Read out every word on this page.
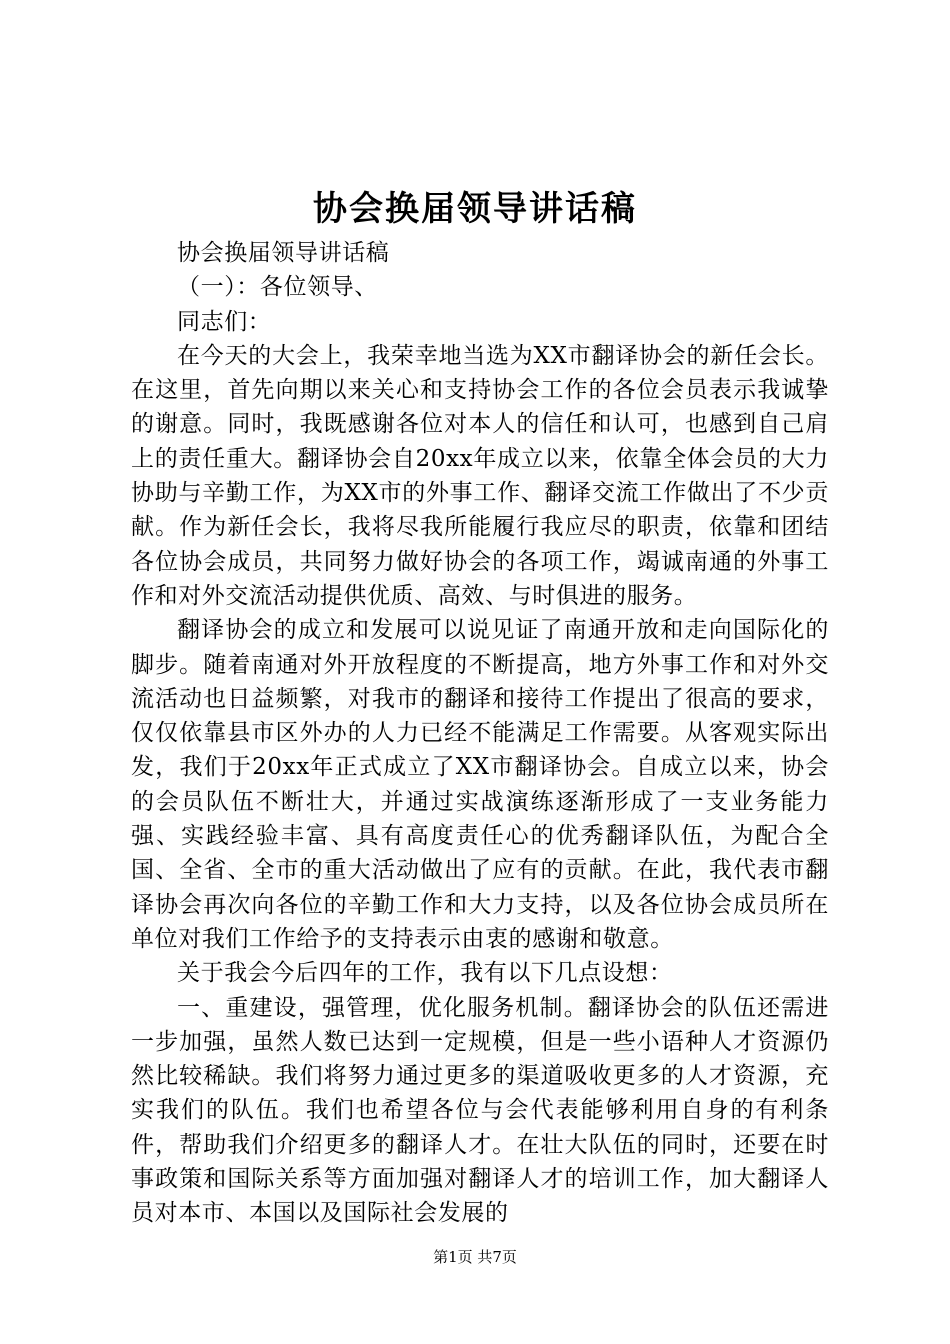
协会换届领导讲话稿

协会换届领导讲话稿

（一）：各位领导、

同志们：

在今天的大会上，我荣幸地当选为XX市翻译协会的新任会长。在这里，首先向期以来关心和支持协会工作的各位会员表示我诚挚的谢意。同时，我既感谢各位对本人的信任和认可，也感到自己肩上的责任重大。翻译协会自20xx年成立以来，依靠全体会员的大力协助与辛勤工作，为XX市的外事工作、翻译交流工作做出了不少贡献。作为新任会长，我将尽我所能履行我应尽的职责，依靠和团结各位协会成员，共同努力做好协会的各项工作，竭诚南通的外事工作和对外交流活动提供优质、高效、与时俱进的服务。

翻译协会的成立和发展可以说见证了南通开放和走向国际化的脚步。随着南通对外开放程度的不断提高，地方外事工作和对外交流活动也日益频繁，对我市的翻译和接待工作提出了很高的要求，仅仅依靠县市区外办的人力已经不能满足工作需要。从客观实际出发，我们于20xx年正式成立了XX市翻译协会。自成立以来，协会的会员队伍不断壮大，并通过实战演练逐渐形成了一支业务能力强、实践经验丰富、具有高度责任心的优秀翻译队伍，为配合全国、全省、全市的重大活动做出了应有的贡献。在此，我代表市翻译协会再次向各位的辛勤工作和大力支持，以及各位协会成员所在单位对我们工作给予的支持表示由衷的感谢和敬意。

关于我会今后四年的工作，我有以下几点设想：

一、重建设，强管理，优化服务机制。翻译协会的队伍还需进一步加强，虽然人数已达到一定规模，但是一些小语种人才资源仍然比较稀缺。我们将努力通过更多的渠道吸收更多的人才资源，充实我们的队伍。我们也希望各位与会代表能够利用自身的有利条件，帮助我们介绍更多的翻译人才。在壮大队伍的同时，还要在时事政策和国际关系等方面加强对翻译人才的培训工作，加大翻译人员对本市、本国以及国际社会发展的

第1页 共7页
